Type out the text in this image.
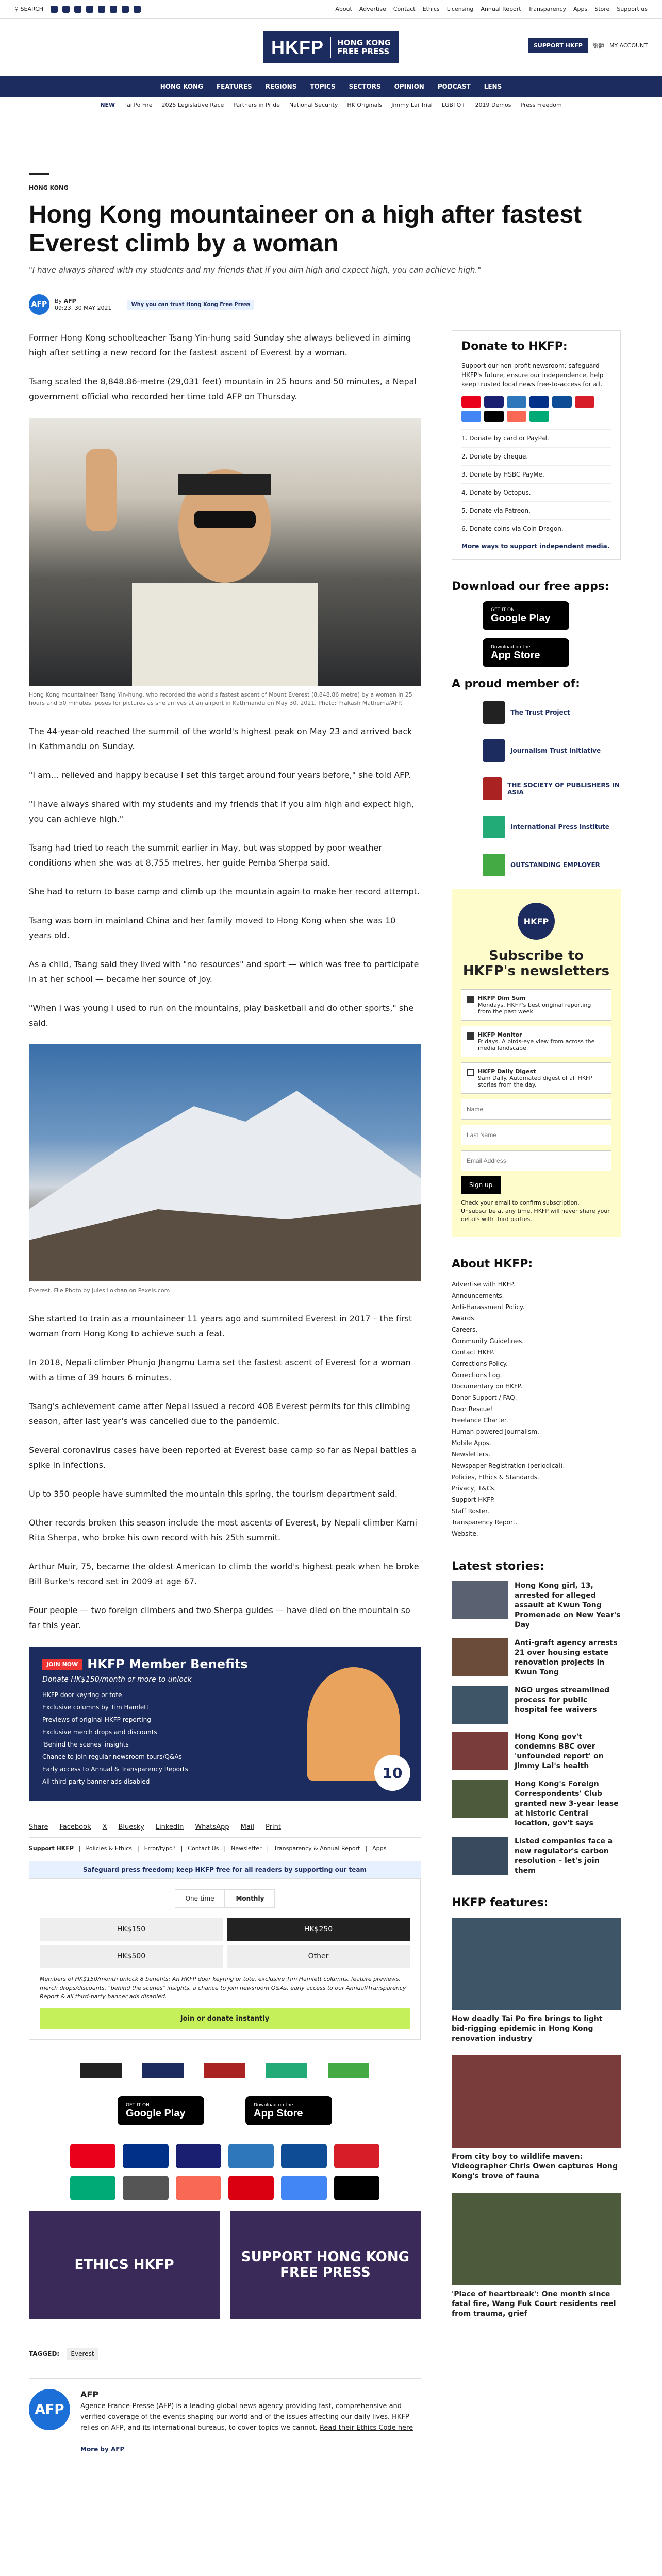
⚲ SEARCH	About Advertise Contact Ethics Licensing Annual Report Transparency Apps Store Support us
HKFP	HONG KONG
FREE PRESS
SUPPORT HKFP	繁體 MY ACCOUNT
HONG KONG FEATURES REGIONS TOPICS SECTORS OPINION PODCAST LENS
NEW Tai Po Fire 2025 Legislative Race Partners in Pride National Security HK Originals Jimmy Lai Trial LGBTQ+ 2019 Demos Press Freedom
HONG KONG
Hong Kong mountaineer on a high after fastest Everest climb by a woman
"I have always shared with my students and my friends that if you aim high and expect high, you can achieve high."
AFP	By AFP
09:23, 30 MAY 2021	Why you can trust Hong Kong Free Press

Former Hong Kong schoolteacher Tsang Yin-hung said Sunday she always believed in aiming high after setting a new record for the fastest ascent of Everest by a woman.

Tsang scaled the 8,848.86-metre (29,031 feet) mountain in 25 hours and 50 minutes, a Nepal government official who recorded her time told AFP on Thursday.

Hong Kong mountaineer Tsang Yin-hung, who recorded the world's fastest ascent of Mount Everest (8,848.86 metre) by a woman in 25 hours and 50 minutes, poses for pictures as she arrives at an airport in Kathmandu on May 30, 2021. Photo: Prakash Mathema/AFP.

The 44-year-old reached the summit of the world's highest peak on May 23 and arrived back in Kathmandu on Sunday.

"I am… relieved and happy because I set this target around four years before," she told AFP.

"I have always shared with my students and my friends that if you aim high and expect high, you can achieve high."

Tsang had tried to reach the summit earlier in May, but was stopped by poor weather conditions when she was at 8,755 metres, her guide Pemba Sherpa said.

She had to return to base camp and climb up the mountain again to make her record attempt.

Tsang was born in mainland China and her family moved to Hong Kong when she was 10 years old.

As a child, Tsang said they lived with "no resources" and sport — which was free to participate in at her school — became her source of joy.

"When I was young I used to run on the mountains, play basketball and do other sports," she said.

Everest. File Photo by Jules Lokhan on Pexels.com

She started to train as a mountaineer 11 years ago and summited Everest in 2017 – the first woman from Hong Kong to achieve such a feat.

In 2018, Nepali climber Phunjo Jhangmu Lama set the fastest ascent of Everest for a woman with a time of 39 hours 6 minutes.

Tsang's achievement came after Nepal issued a record 408 Everest permits for this climbing season, after last year's was cancelled due to the pandemic.

Several coronavirus cases have been reported at Everest base camp so far as Nepal battles a spike in infections.

Up to 350 people have summited the mountain this spring, the tourism department said.

Other records broken this season include the most ascents of Everest, by Nepali climber Kami Rita Sherpa, who broke his own record with his 25th summit.

Arthur Muir, 75, became the oldest American to climb the world's highest peak when he broke Bill Burke's record set in 2009 at age 67.

Four people — two foreign climbers and two Sherpa guides — have died on the mountain so far this year.

JOIN NOW HKFP Member Benefits
Donate HK$150/month or more to unlock
HKFP door keyring or tote
Exclusive columns by Tim Hamlett
Previews of original HKFP reporting
Exclusive merch drops and discounts
'Behind the scenes' insights
Chance to join regular newsroom tours/Q&As
Early access to Annual & Transparency Reports
All third-party banner ads disabled
10
Share Facebook X Bluesky LinkedIn WhatsApp Mail Print
Support HKFP | Policies & Ethics | Error/typo? | Contact Us | Newsletter | Transparency & Annual Report | Apps
Safeguard press freedom; keep HKFP free for all readers by supporting our team
One-time	Monthly
HK$150	HK$250
HK$500	Other
Members of HK$150/month unlock 8 benefits: An HKFP door keyring or tote, exclusive Tim Hamlett columns, feature previews, merch drops/discounts, "behind the scenes" insights, a chance to join newsroom Q&As, early access to our Annual/Transparency Report & all third-party banner ads disabled.
Join or donate instantly
GET IT ON
Google Play
Download on the
App Store
ETHICS HKFP	SUPPORT HONG KONG FREE PRESS
TAGGED: Everest
AFP
AFP
Agence France-Presse (AFP) is a leading global news agency providing fast, comprehensive and verified coverage of the events shaping our world and of the issues affecting our daily lives. HKFP relies on AFP, and its international bureaus, to cover topics we cannot. Read their Ethics Code here

More by AFP
Donate to HKFP:
Support our non-profit newsroom: safeguard HKFP's future, ensure our independence, help keep trusted local news free-to-access for all.
1. Donate by card or PayPal.
2. Donate by cheque.
3. Donate by HSBC PayMe.
4. Donate by Octopus.
5. Donate via Patreon.
6. Donate coins via Coin Dragon.
More ways to support independent media.
Download our free apps:
GET IT ON
Google Play
Download on the
App Store
A proud member of:
The Trust Project
Journalism Trust Initiative
THE SOCIETY OF PUBLISHERS IN ASIA
International Press Institute
OUTSTANDING EMPLOYER
HKFP
Subscribe to HKFP's newsletters
HKFP Dim Sum
Mondays. HKFP's best original reporting from the past week.
HKFP Monitor
Fridays. A birds-eye view from across the media landscape.
HKFP Daily Digest
9am Daily. Automated digest of all HKFP stories from the day.
Name Last Name Email Address
Sign up
Check your email to confirm subscription. Unsubscribe at any time. HKFP will never share your details with third parties.
About HKFP:
Advertise with HKFP.
Announcements.
Anti-Harassment Policy.
Awards.
Careers.
Community Guidelines.
Contact HKFP.
Corrections Policy.
Corrections Log.
Documentary on HKFP.
Donor Support / FAQ.
Door Rescue!
Freelance Charter.
Human-powered Journalism.
Mobile Apps.
Newsletters.
Newspaper Registration (periodical).
Policies, Ethics & Standards.
Privacy, T&Cs.
Support HKFP.
Staff Roster.
Transparency Report.
Website.
Latest stories:
Hong Kong girl, 13, arrested for alleged assault at Kwun Tong Promenade on New Year's Day
Anti-graft agency arrests 21 over housing estate renovation projects in Kwun Tong
NGO urges streamlined process for public hospital fee waivers
Hong Kong gov't condemns BBC over 'unfounded report' on Jimmy Lai's health
Hong Kong's Foreign Correspondents' Club granted new 3-year lease at historic Central location, gov't says
Listed companies face a new regulator's carbon resolution – let's join them
HKFP features:
How deadly Tai Po fire brings to light bid-rigging epidemic in Hong Kong renovation industry
From city boy to wildlife maven: Videographer Chris Owen captures Hong Kong's trove of fauna
'Place of heartbreak': One month since fatal fire, Wang Fuk Court residents reel from trauma, grief
